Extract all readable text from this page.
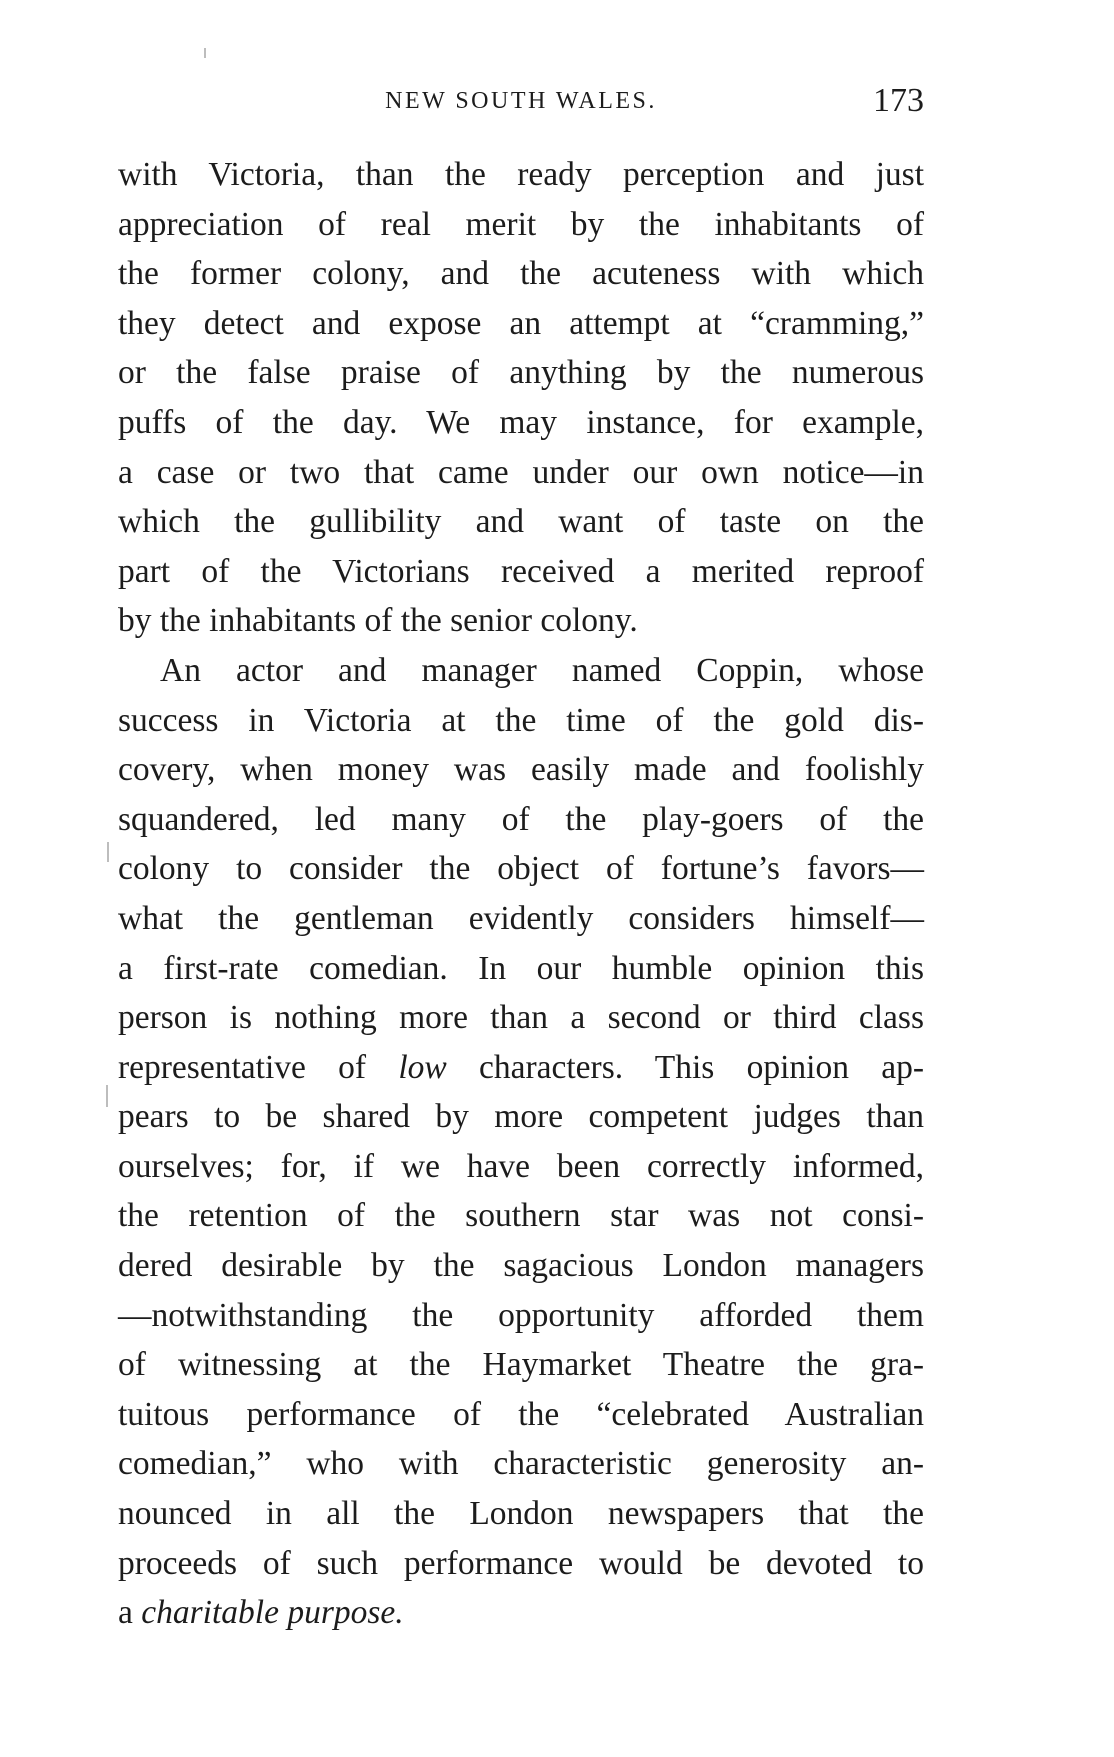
NEW SOUTH WALES.	173
with Victoria, than the ready perception and just
appreciation of real merit by the inhabitants of
the former colony, and the acuteness with which
they detect and expose an attempt at “cramming,”
or the false praise of anything by the numerous
puffs of the day. We may instance, for example,
a case or two that came under our own notice—in
which the gullibility and want of taste on the
part of the Victorians received a merited reproof
by the inhabitants of the senior colony.
An actor and manager named Coppin, whose
success in Victoria at the time of the gold dis-
covery, when money was easily made and foolishly
squandered, led many of the play-goers of the
colony to consider the object of fortune’s favors—
what the gentleman evidently considers himself—
a first-rate comedian. In our humble opinion this
person is nothing more than a second or third class
representative of low characters. This opinion ap-
pears to be shared by more competent judges than
ourselves; for, if we have been correctly informed,
the retention of the southern star was not consi-
dered desirable by the sagacious London managers
—notwithstanding the opportunity afforded them
of witnessing at the Haymarket Theatre the gra-
tuitous performance of the “celebrated Australian
comedian,” who with characteristic generosity an-
nounced in all the London newspapers that the
proceeds of such performance would be devoted to
a charitable purpose.
